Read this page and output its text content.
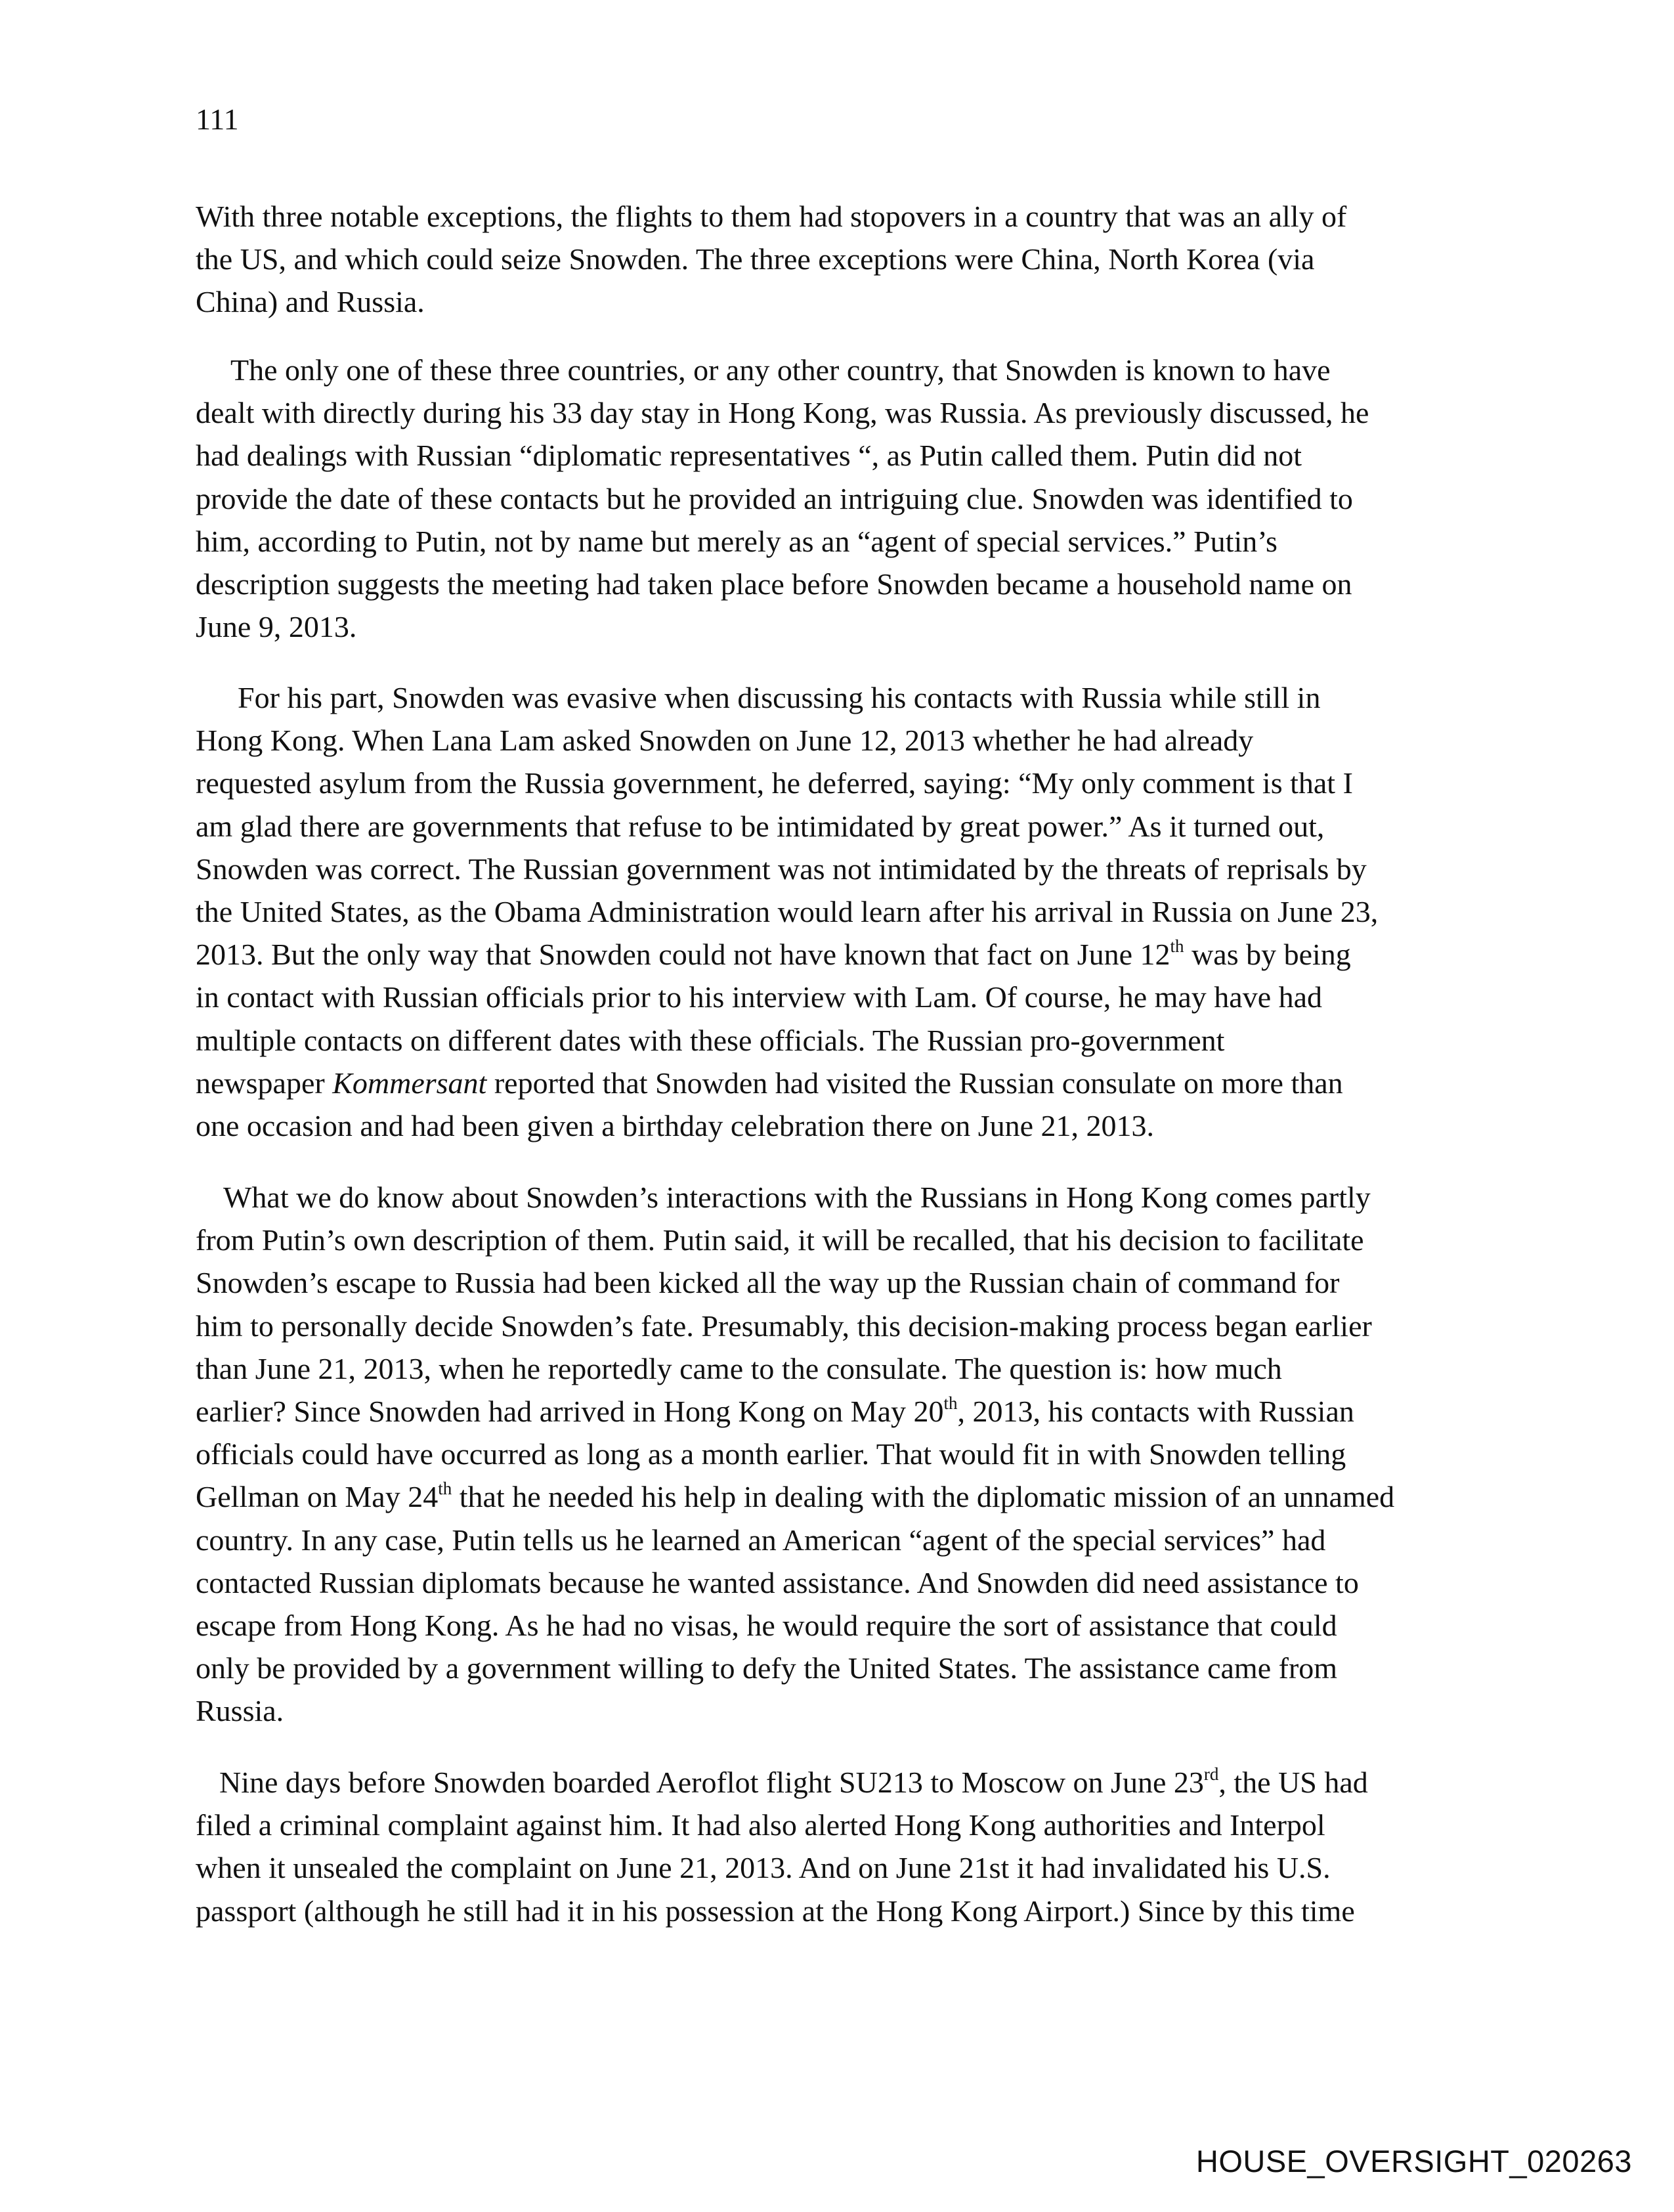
111
With three notable exceptions, the flights to them had stopovers in a country that was an ally of
the US, and which could seize Snowden. The three exceptions were China, North Korea (via
China) and Russia.
The only one of these three countries, or any other country, that Snowden is known to have
dealt with directly during his 33 day stay in Hong Kong, was Russia. As previously discussed, he
had dealings with Russian “diplomatic representatives “, as Putin called them. Putin did not
provide the date of these contacts but he provided an intriguing clue. Snowden was identified to
him, according to Putin, not by name but merely as an “agent of special services.” Putin’s
description suggests the meeting had taken place before Snowden became a household name on
June 9, 2013.
For his part, Snowden was evasive when discussing his contacts with Russia while still in
Hong Kong. When Lana Lam asked Snowden on June 12, 2013 whether he had already
requested asylum from the Russia government, he deferred, saying: “My only comment is that I
am glad there are governments that refuse to be intimidated by great power.” As it turned out,
Snowden was correct. The Russian government was not intimidated by the threats of reprisals by
the United States, as the Obama Administration would learn after his arrival in Russia on June 23,
2013. But the only way that Snowden could not have known that fact on June 12th was by being
in contact with Russian officials prior to his interview with Lam. Of course, he may have had
multiple contacts on different dates with these officials. The Russian pro-government
newspaper Kommersant reported that Snowden had visited the Russian consulate on more than
one occasion and had been given a birthday celebration there on June 21, 2013.
What we do know about Snowden’s interactions with the Russians in Hong Kong comes partly
from Putin’s own description of them. Putin said, it will be recalled, that his decision to facilitate
Snowden’s escape to Russia had been kicked all the way up the Russian chain of command for
him to personally decide Snowden’s fate. Presumably, this decision-making process began earlier
than June 21, 2013, when he reportedly came to the consulate. The question is: how much
earlier? Since Snowden had arrived in Hong Kong on May 20th, 2013, his contacts with Russian
officials could have occurred as long as a month earlier. That would fit in with Snowden telling
Gellman on May 24th that he needed his help in dealing with the diplomatic mission of an unnamed
country. In any case, Putin tells us he learned an American “agent of the special services” had
contacted Russian diplomats because he wanted assistance. And Snowden did need assistance to
escape from Hong Kong. As he had no visas, he would require the sort of assistance that could
only be provided by a government willing to defy the United States. The assistance came from
Russia.
Nine days before Snowden boarded Aeroflot flight SU213 to Moscow on June 23rd, the US had
filed a criminal complaint against him. It had also alerted Hong Kong authorities and Interpol
when it unsealed the complaint on June 21, 2013. And on June 21st it had invalidated his U.S.
passport (although he still had it in his possession at the Hong Kong Airport.) Since by this time
HOUSE_OVERSIGHT_020263
